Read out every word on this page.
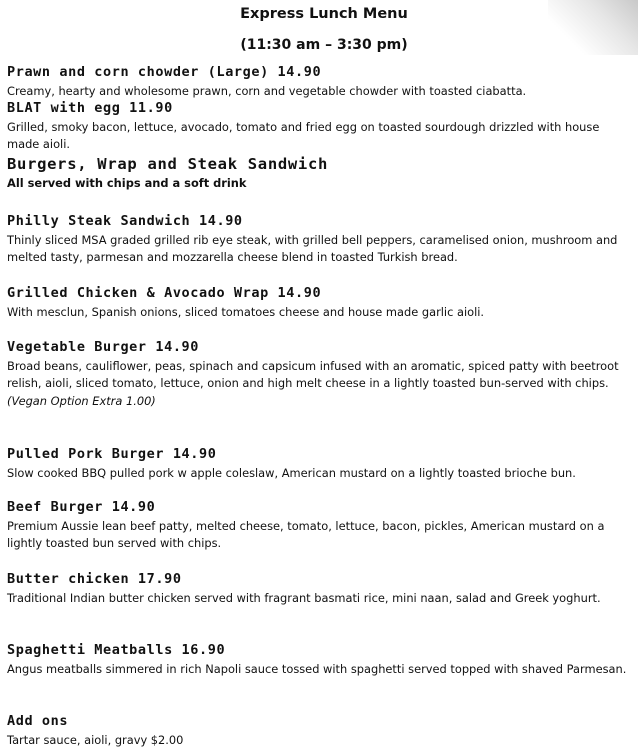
Express Lunch Menu
(11:30 am – 3:30 pm)
Prawn and corn chowder (Large) 14.90
Creamy, hearty and wholesome prawn, corn and vegetable chowder with toasted ciabatta.
BLAT with egg 11.90
Grilled, smoky bacon, lettuce, avocado, tomato and fried egg on toasted sourdough drizzled with house made aioli.
Burgers, Wrap and Steak Sandwich
All served with chips and a soft drink
Philly Steak Sandwich 14.90
Thinly sliced MSA graded grilled rib eye steak, with grilled bell peppers, caramelised onion, mushroom and melted tasty, parmesan and mozzarella cheese blend in toasted Turkish bread.
Grilled Chicken & Avocado Wrap 14.90
With mesclun, Spanish onions, sliced tomatoes cheese and house made garlic aioli.
Vegetable Burger 14.90
Broad beans, cauliflower, peas, spinach and capsicum infused with an aromatic, spiced patty with beetroot relish, aioli, sliced tomato, lettuce, onion and high melt cheese in a lightly toasted bun-served with chips.
(Vegan Option Extra 1.00)
Pulled Pork Burger 14.90
Slow cooked BBQ pulled pork w apple coleslaw, American mustard on a lightly toasted brioche bun.
Beef Burger 14.90
Premium Aussie lean beef patty, melted cheese, tomato, lettuce, bacon, pickles, American mustard on a lightly toasted bun served with chips.
Butter chicken 17.90
Traditional Indian butter chicken served with fragrant basmati rice, mini naan, salad and Greek yoghurt.
Spaghetti Meatballs 16.90
Angus meatballs simmered in rich Napoli sauce tossed with spaghetti served topped with shaved Parmesan.
Add ons
Tartar sauce, aioli, gravy $2.00
